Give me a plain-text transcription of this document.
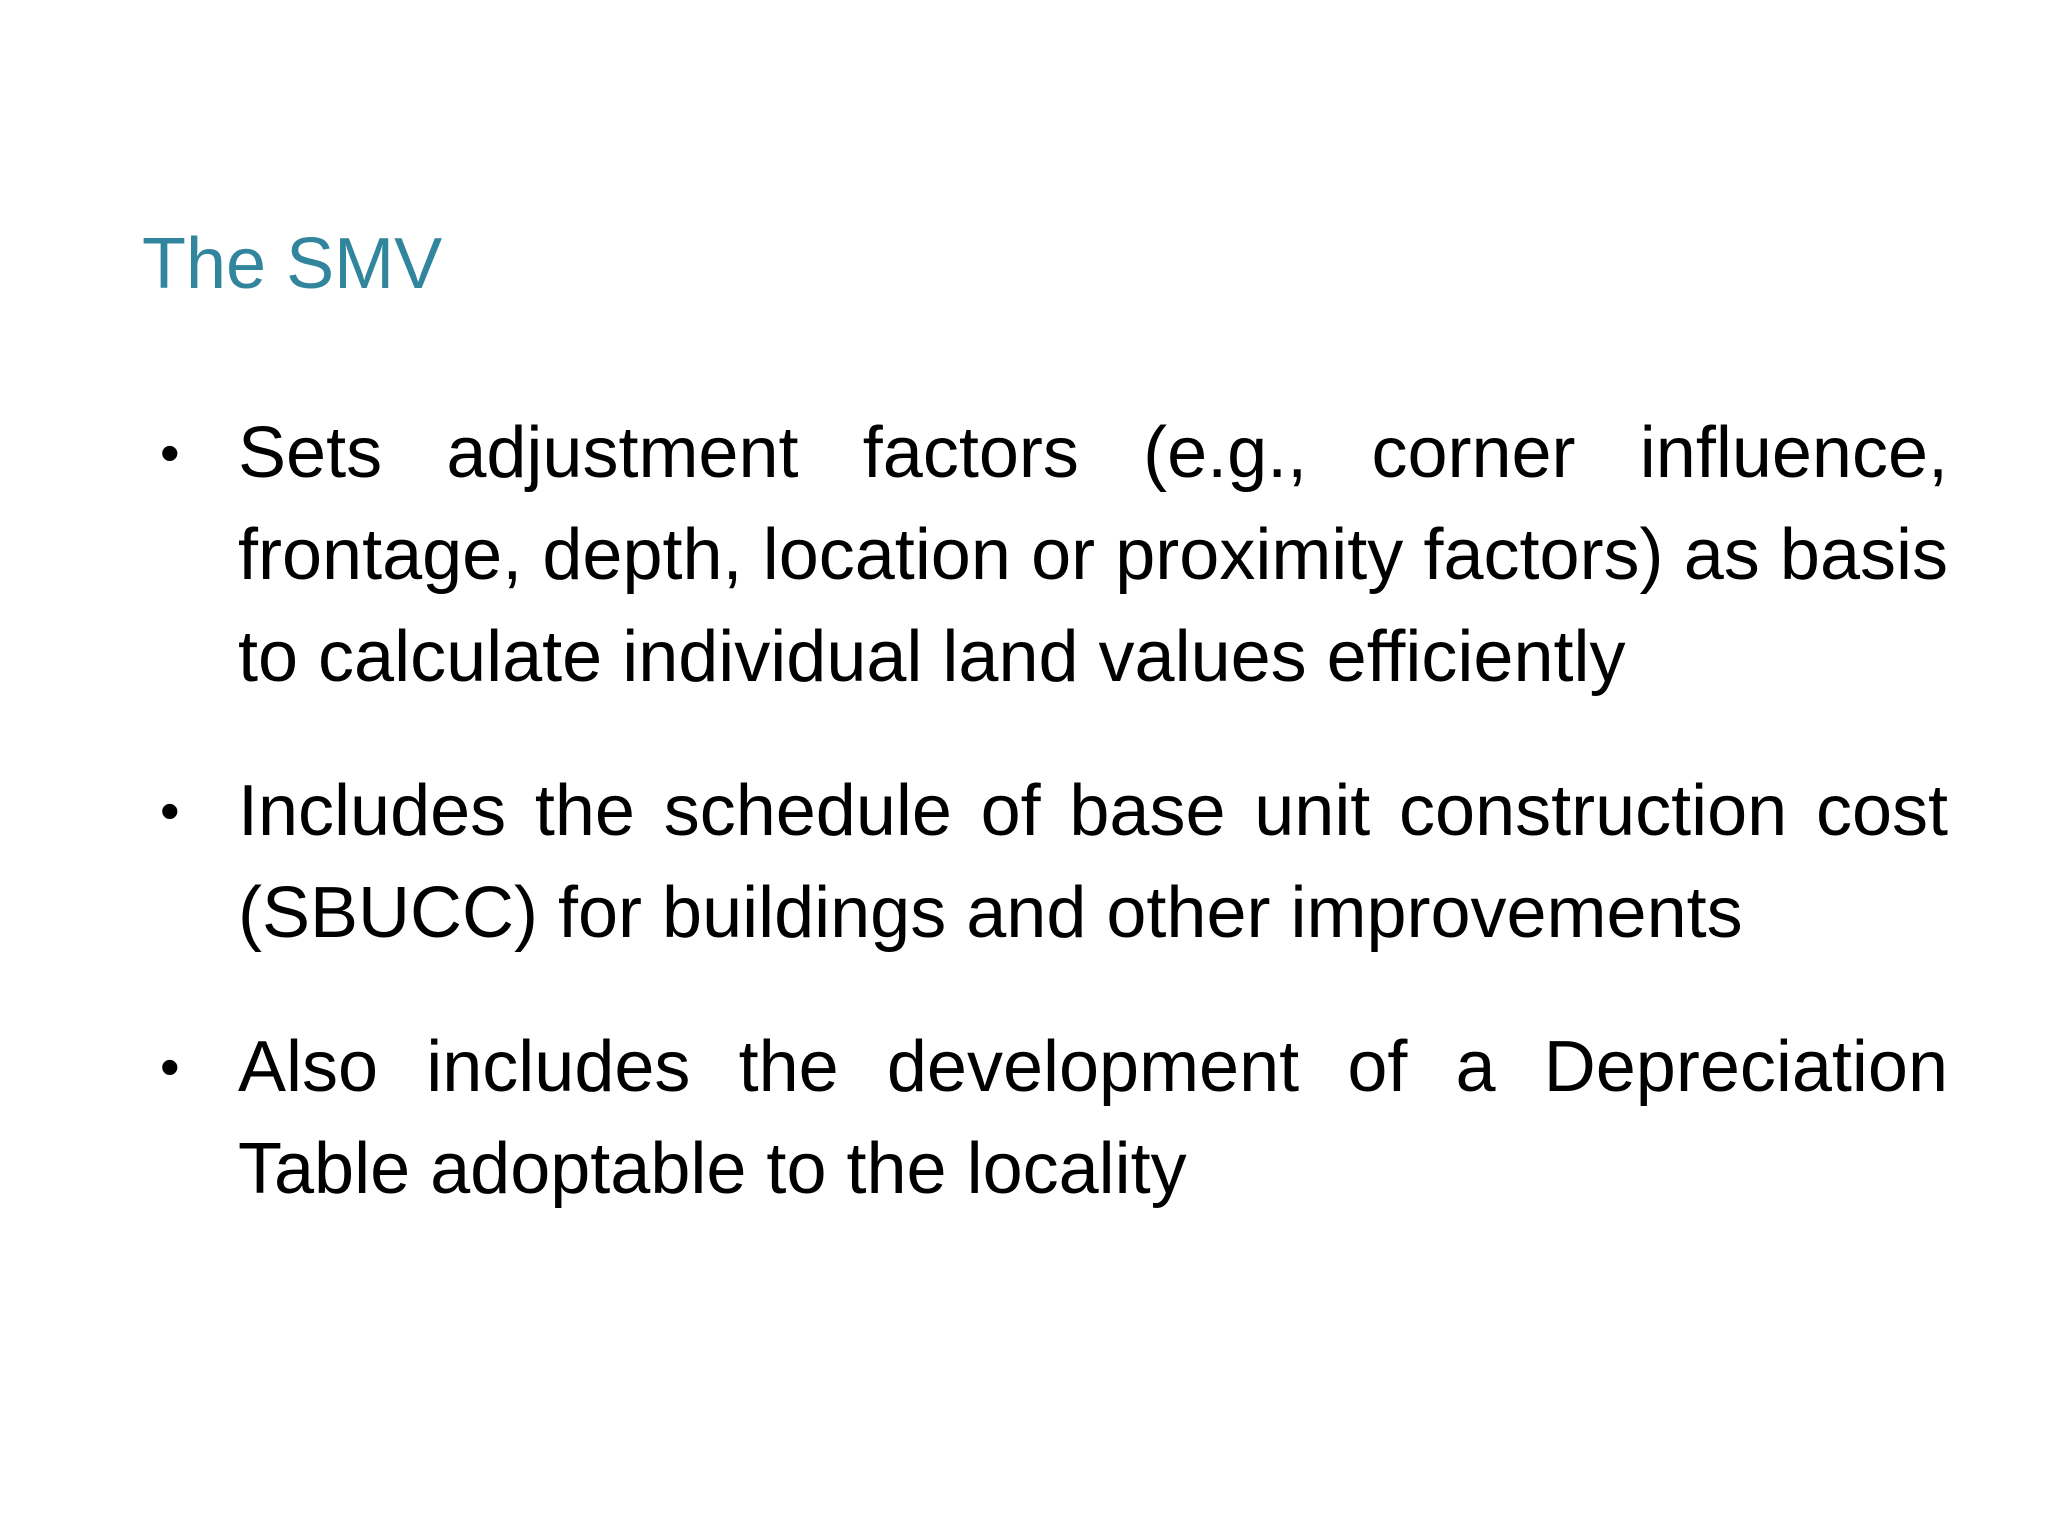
The SMV
• Sets adjustment factors (e.g., corner influence, frontage, depth, location or proximity factors) as basis to calculate individual land values efficiently
• Includes the schedule of base unit construction cost (SBUCC) for buildings and other improvements
• Also includes the development of a Depreciation Table adoptable to the locality
